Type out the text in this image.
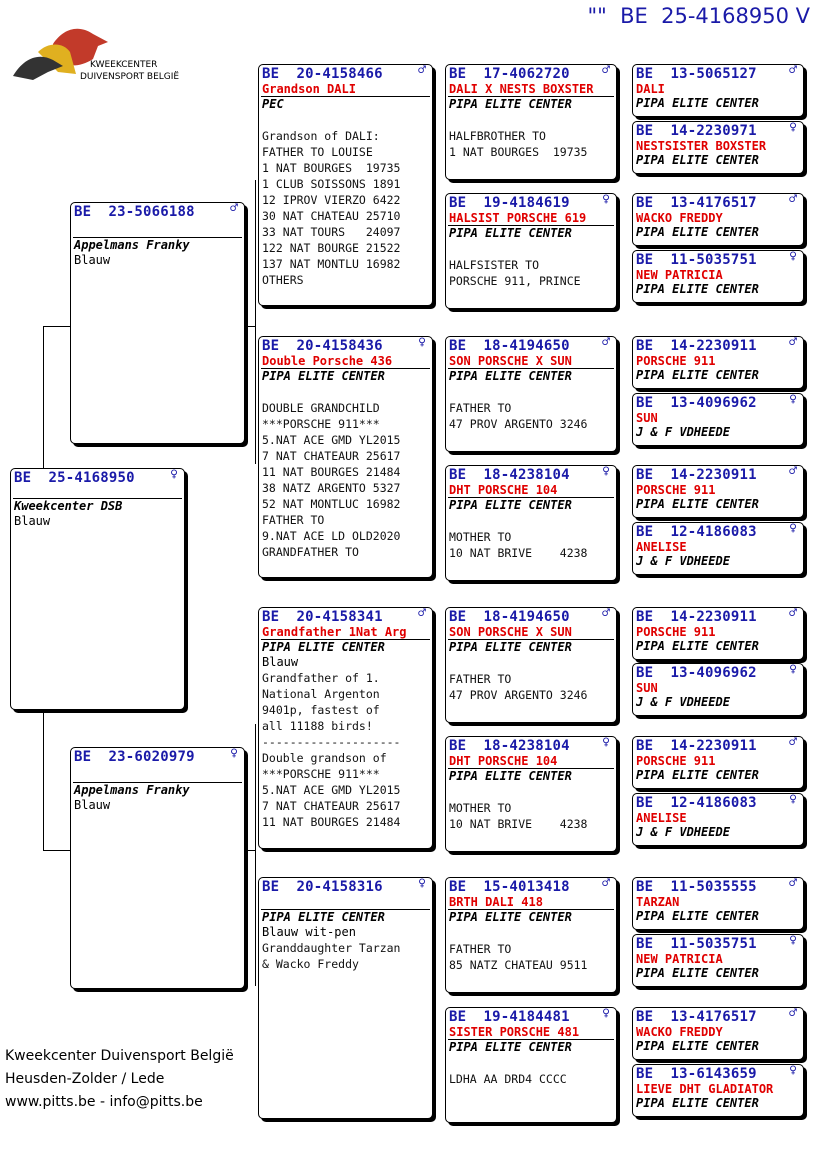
""  BE  25-4168950 V
KWEEKCENTER
DUIVENSPORT BELGIË
BE  25-4168950	♀
Kweekcenter DSB
Blauw
BE  23-5066188	♂
Appelmans Franky
Blauw
BE  23-6020979	♀
Appelmans Franky
Blauw
BE  20-4158466	♂
Grandson DALI
PEC
Grandson of DALI:
FATHER TO LOUISE
1 NAT BOURGES  19735
1 CLUB SOISSONS 1891
12 IPROV VIERZO 6422
30 NAT CHATEAU 25710
33 NAT TOURS   24097
122 NAT BOURGE 21522
137 NAT MONTLU 16982
OTHERS
BE  20-4158436	♀
Double Porsche 436
PIPA ELITE CENTER
DOUBLE GRANDCHILD
***PORSCHE 911***
5.NAT ACE GMD YL2015
7 NAT CHATEAUR 25617
11 NAT BOURGES 21484
38 NATZ ARGENTO 5327
52 NAT MONTLUC 16982
FATHER TO
9.NAT ACE LD OLD2020
GRANDFATHER TO
BE  20-4158341	♂
Grandfather 1Nat Arg
PIPA ELITE CENTER
Blauw
Grandfather of 1.
National Argenton
9401p, fastest of
all 11188 birds!
--------------------
Double grandson of
***PORSCHE 911***
5.NAT ACE GMD YL2015
7 NAT CHATEAUR 25617
11 NAT BOURGES 21484
BE  20-4158316	♀
PIPA ELITE CENTER
Blauw wit-pen
Granddaughter Tarzan
& Wacko Freddy
BE  17-4062720 ♂
DALI X NESTS BOXSTER
PIPA ELITE CENTER
HALFBROTHER TO
1 NAT BOURGES  19735
BE  19-4184619 ♀
HALSIST PORSCHE 619
PIPA ELITE CENTER
HALFSISTER TO
PORSCHE 911, PRINCE
BE  18-4194650 ♂
SON PORSCHE X SUN
PIPA ELITE CENTER
FATHER TO
47 PROV ARGENTO 3246
BE  18-4238104 ♀
DHT PORSCHE 104
PIPA ELITE CENTER
MOTHER TO
10 NAT BRIVE    4238
BE  18-4194650 ♂
SON PORSCHE X SUN
PIPA ELITE CENTER
FATHER TO
47 PROV ARGENTO 3246
BE  18-4238104 ♀
DHT PORSCHE 104
PIPA ELITE CENTER
MOTHER TO
10 NAT BRIVE    4238
BE  15-4013418 ♂
BRTH DALI 418
PIPA ELITE CENTER
FATHER TO
85 NATZ CHATEAU 9511
BE  19-4184481 ♀
SISTER PORSCHE 481
PIPA ELITE CENTER
LDHA AA DRD4 CCCC
BE  13-5065127 ♂
DALI
PIPA ELITE CENTER
BE  14-2230971 ♀
NESTSISTER BOXSTER
PIPA ELITE CENTER
BE  13-4176517 ♂
WACKO FREDDY
PIPA ELITE CENTER
BE  11-5035751 ♀
NEW PATRICIA
PIPA ELITE CENTER
BE  14-2230911 ♂
PORSCHE 911
PIPA ELITE CENTER
BE  13-4096962 ♀
SUN
J & F VDHEEDE
BE  14-2230911 ♂
PORSCHE 911
PIPA ELITE CENTER
BE  12-4186083 ♀
ANELISE
J & F VDHEEDE
BE  14-2230911 ♂
PORSCHE 911
PIPA ELITE CENTER
BE  13-4096962 ♀
SUN
J & F VDHEEDE
BE  14-2230911 ♂
PORSCHE 911
PIPA ELITE CENTER
BE  12-4186083 ♀
ANELISE
J & F VDHEEDE
BE  11-5035555 ♂
TARZAN
PIPA ELITE CENTER
BE  11-5035751 ♀
NEW PATRICIA
PIPA ELITE CENTER
BE  13-4176517 ♂
WACKO FREDDY
PIPA ELITE CENTER
BE  13-6143659 ♀
LIEVE DHT GLADIATOR
PIPA ELITE CENTER
Kweekcenter Duivensport België
Heusden-Zolder / Lede
www.pitts.be - info@pitts.be
